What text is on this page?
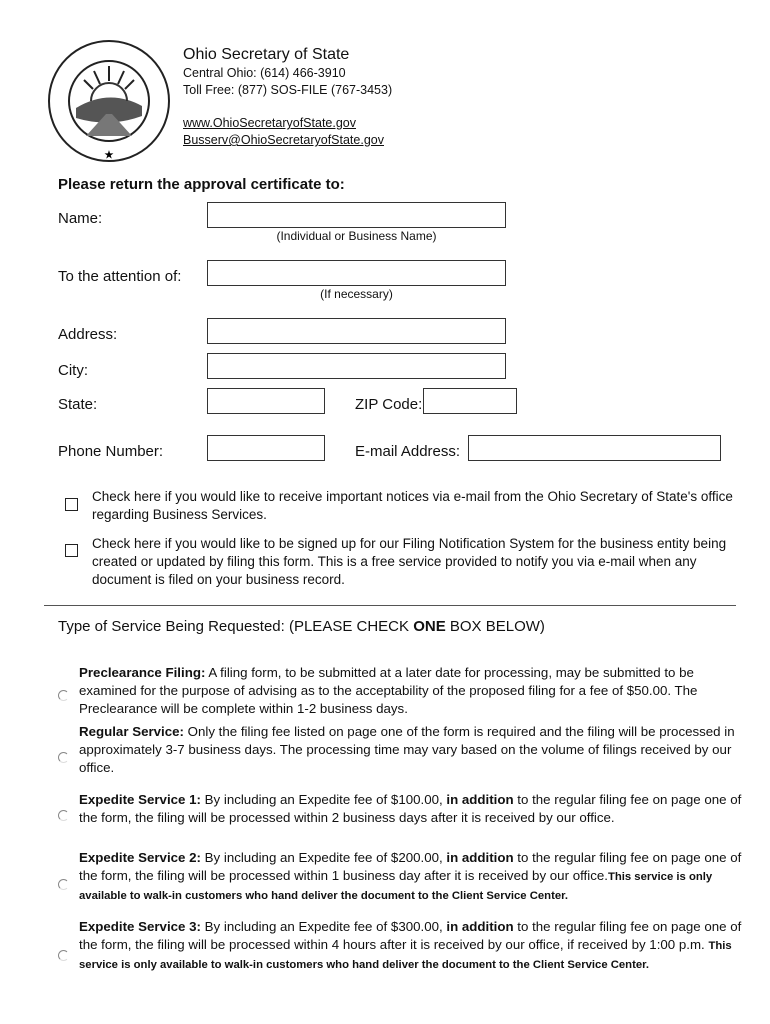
★
Ohio Secretary of State
Central Ohio: (614) 466-3910
Toll Free: (877) SOS-FILE (767-3453)
www.OhioSecretaryofState.gov
Busserv@OhioSecretaryofState.gov
Please return the approval certificate to:
Name:
(Individual or Business Name)
To the attention of:
(If necessary)
Address:
City:
State:	ZIP Code:
Phone Number:	E-mail Address:
Check here if you would like to receive important notices via e-mail from the Ohio Secretary of State's office regarding Business Services.
Check here if you would like to be signed up for our Filing Notification System for the business entity being created or updated by filing this form. This is a free service provided to notify you via e-mail when any document is filed on your business record.
Type of Service Being Requested: (PLEASE CHECK ONE BOX BELOW)
Preclearance Filing: A filing form, to be submitted at a later date for processing, may be submitted to be examined for the purpose of advising as to the acceptability of the proposed filing for a fee of $50.00. The Preclearance will be complete within 1-2 business days.
Regular Service: Only the filing fee listed on page one of the form is required and the filing will be processed in approximately 3-7 business days. The processing time may vary based on the volume of filings received by our office.
Expedite Service 1: By including an Expedite fee of $100.00, in addition to the regular filing fee on page one of the form, the filing will be processed within 2 business days after it is received by our office.
Expedite Service 2: By including an Expedite fee of $200.00, in addition to the regular filing fee on page one of the form, the filing will be processed within 1 business day after it is received by our office.This service is only available to walk-in customers who hand deliver the document to the Client Service Center.
Expedite Service 3: By including an Expedite fee of $300.00, in addition to the regular filing fee on page one of the form, the filing will be processed within 4 hours after it is received by our office, if received by 1:00 p.m. This service is only available to walk-in customers who hand deliver the document to the Client Service Center.
